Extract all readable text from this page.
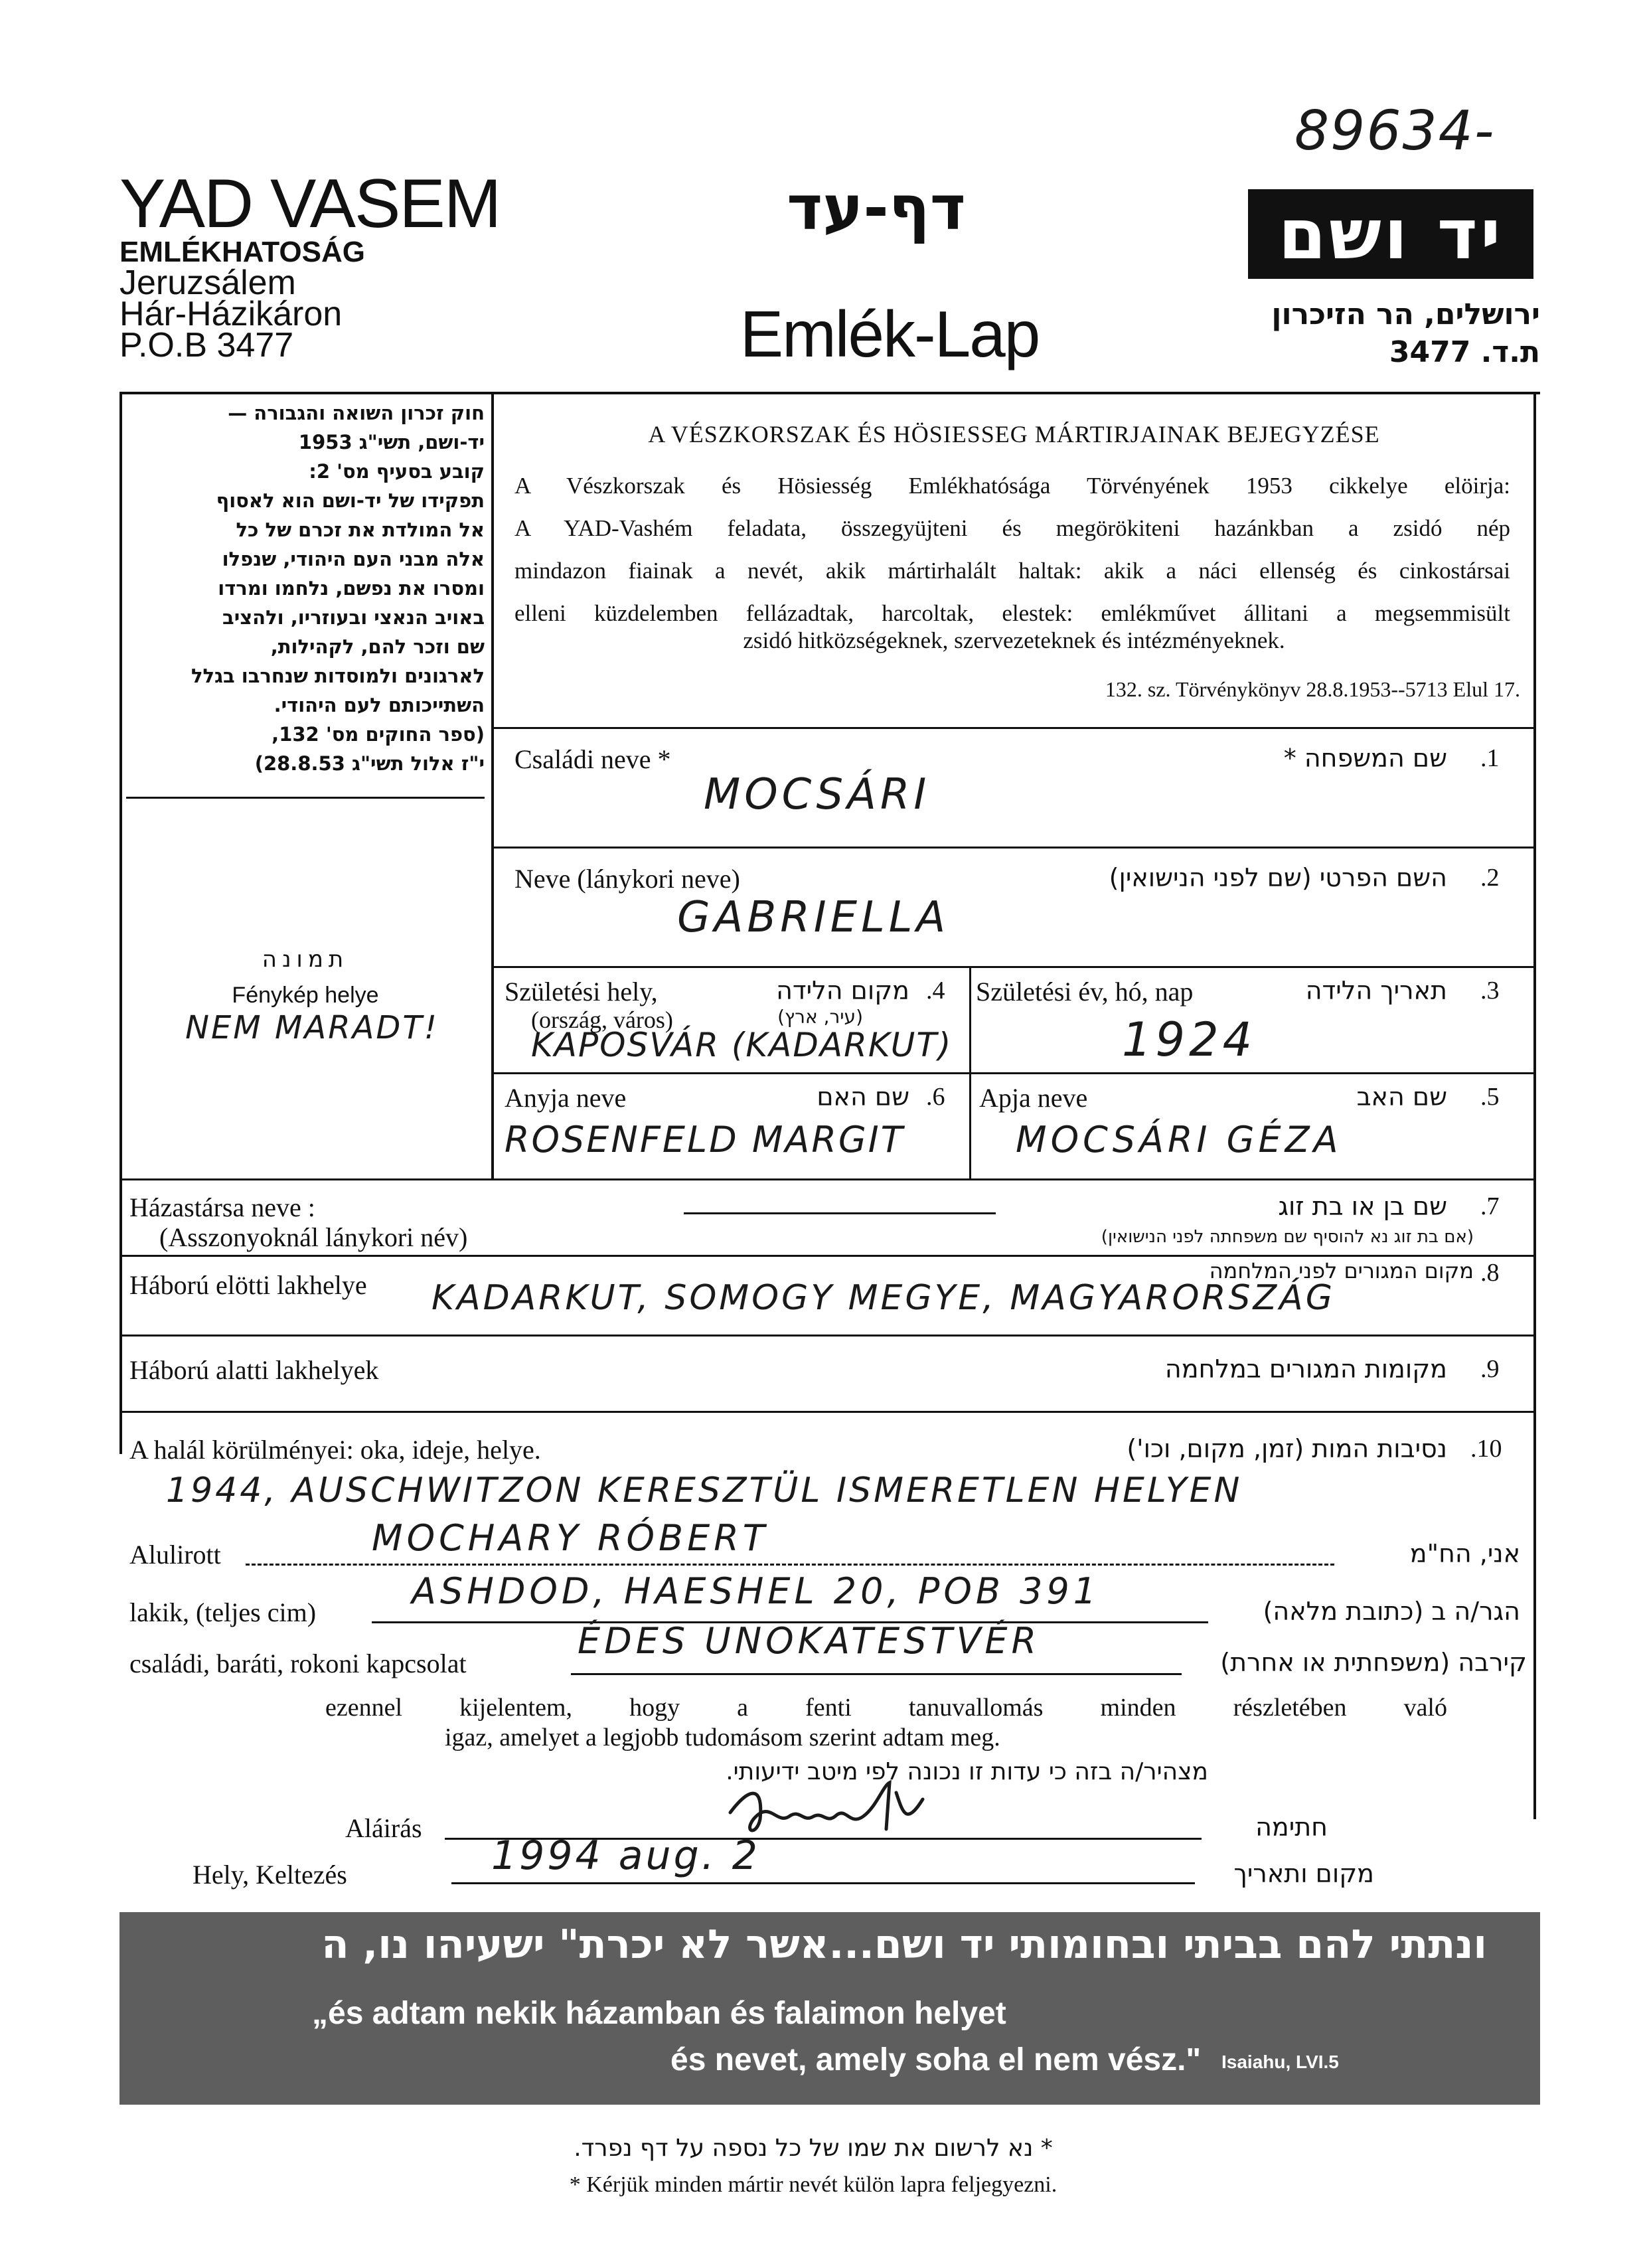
89634-
YAD VASEM
EMLÉKHATOSÁG
Jeruzsálem
Hár-Házikáron
P.O.B 3477
דף-עד
Emlék-Lap
יד ושם
ירושלים, הר הזיכרון
ת.ד. 3477
חוק זכרון השואה והגבורה —
יד-ושם, תשי"ג 1953
קובע בסעיף מס' 2:
תפקידו של יד-ושם הוא לאסוף
אל המולדת את זכרם של כל
אלה מבני העם היהודי, שנפלו
ומסרו את נפשם, נלחמו ומרדו
באויב הנאצי ובעוזריו, ולהציב
שם וזכר להם, לקהילות,
לארגונים ולמוסדות שנחרבו בגלל
השתייכותם לעם היהודי.
(ספר החוקים מס' 132,
י"ז אלול תשי"ג 28.8.53)
תמונה
Fénykép helye
NEM MARADT!
A VÉSZKORSZAK ÉS HÖSIESSEG MÁRTIRJAINAK BEJEGYZÉSE
A Vészkorszak és Hösiesség Emlékhatósága Törvényének 1953 cikkelye elöirja:
A YAD-Vashém feladata, összegyüjteni és megörökiteni hazánkban a zsidó nép
mindazon fiainak a nevét, akik mártirhalált haltak: akik a náci ellenség és cinkostársai
elleni küzdelemben fellázadtak, harcoltak, elestek: emlékművet állitani a megsemmisült
zsidó hitközségeknek, szervezeteknek és intézményeknek.
132. sz. Törvénykönyv 28.8.1953--5713 Elul 17.
Családi neve *	שם המשפחה * .1
MOCSÁRI
Neve (lánykori neve)	השם הפרטי (שם לפני הנישואין) .2
GABRIELLA
Születési hely,	מקום הלידה .4
(ország, város)	(עיר, ארץ)
KAPOSVÁR (KADARKUT)
Születési év, hó, nap	תאריך הלידה .3
1924
Anyja neve	שם האם .6
ROSENFELD MARGIT
Apja neve	שם האב .5
MOCSÁRI GÉZA
Házastársa neve :
(Asszonyoknál lánykori név)
שם בן או בת זוג
(אם בת זוג נא להוסיף שם משפחתה לפני הנישואין)
.7
Háború elötti lakhelye	מקום המגורים לפני המלחמה .8
KADARKUT, SOMOGY MEGYE, MAGYARORSZÁG
Háború alatti lakhelyek	מקומות המגורים במלחמה .9
A halál körülményei: oka, ideje, helye.	נסיבות המות (זמן, מקום, וכו') .10
1944, AUSCHWITZON KERESZTÜL ISMERETLEN HELYEN
Alulirott	MOCHARY RÓBERT	אני, הח"מ
lakik, (teljes cim)
ASHDOD, HAESHEL 20, POB 391	הגר/ה ב (כתובת מלאה)
családi, baráti, rokoni kapcsolat
ÉDES UNOKATESTVÉR
קירבה (משפחתית או אחרת)
ezennel kijelentem, hogy a fenti tanuvallomás minden részletében való
igaz, amelyet a legjobb tudomásom szerint adtam meg.
מצהיר/ה בזה כי עדות זו נכונה לפי מיטב ידיעותי.
Aláirás	חתימה
Hely, Keltezés	1994 aug. 2	מקום ותאריך
ונתתי להם בביתי ובחומותי יד ושם...אשר לא יכרת" ישעיהו נו, ה
„és adtam nekik házamban és falaimon helyet
és nevet, amely soha el nem vész." Isaiahu, LVI.5
* נא לרשום את שמו של כל נספה על דף נפרד.
* Kérjük minden mártir nevét külön lapra feljegyezni.
